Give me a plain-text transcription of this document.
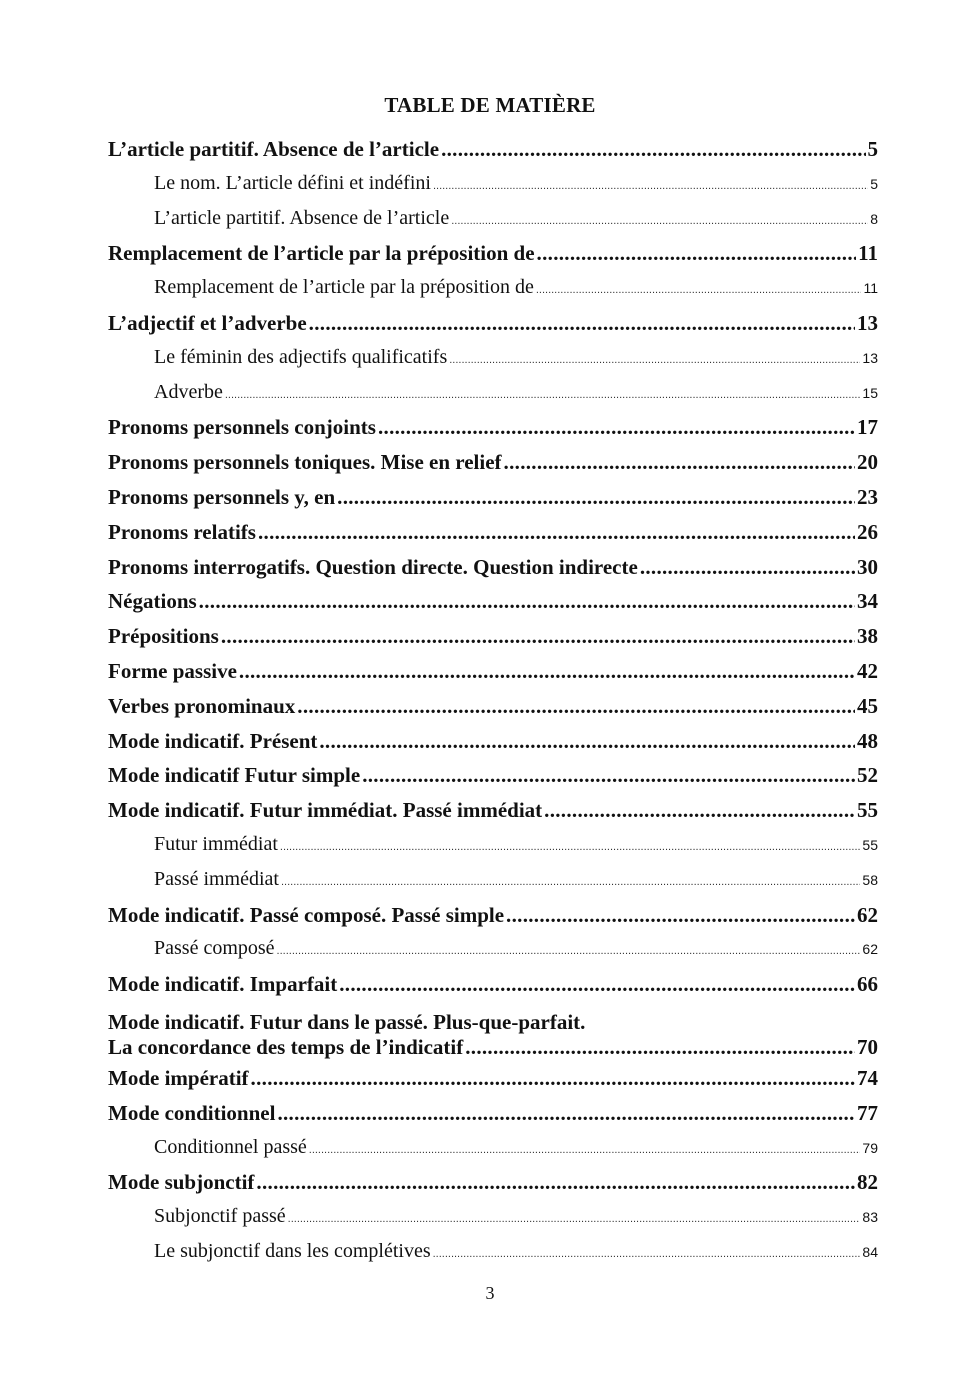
TABLE DE MATIÈRE
L’article partitif. Absence de l’article .....	5
Le nom. L’article défini et indéfini .....	5
L’article partitif. Absence de l’article .....	8
Remplacement de l’article par la préposition de .....	11
Remplacement de l’article par la préposition de .....	11
L’adjectif et l’adverbe .....	13
Le féminin des adjectifs qualificatifs .....	13
Adverbe .....	15
Pronoms personnels conjoints .....	17
Pronoms personnels toniques. Mise en relief .....	20
Pronoms personnels y, en .....	23
Pronoms relatifs .....	26
Pronoms interrogatifs. Question directe. Question indirecte .....	30
Négations .....	34
Prépositions .....	38
Forme passive .....	42
Verbes pronominaux .....	45
Mode indicatif. Présent .....	48
Mode indicatif Futur simple .....	52
Mode indicatif. Futur immédiat. Passé immédiat .....	55
Futur immédiat .....	55
Passé immédiat .....	58
Mode indicatif. Passé composé. Passé simple .....	62
Passé composé .....	62
Mode indicatif. Imparfait .....	66
Mode indicatif. Futur dans le passé. Plus-que-parfait.
La concordance des temps de l’indicatif .....	70
Mode impératif .....	74
Mode conditionnel .....	77
Conditionnel passé .....	79
Mode subjonctif .....	82
Subjonctif passé .....	83
Le subjonctif dans les complétives .....	84
3
